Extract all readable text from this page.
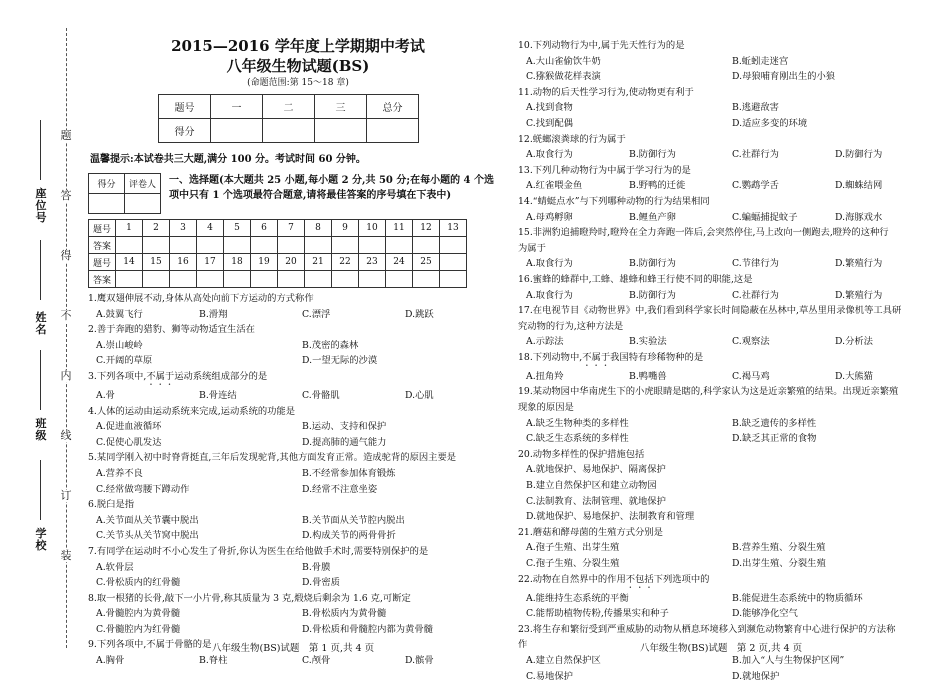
题
答
得
不
内
线
订
装
座位号
姓名
班级
学校
2015—2016 学年度上学期期中考试
八年级生物试题(BS)
(命题范围:第 15～18 章)
题号	一	二	三	总分
得分				
温馨提示:本试卷共三大题,满分 100 分。考试时间 60 分钟。
得分	评卷人
	一、选择题(本大题共 25 小题,每小题 2 分,共 50 分;在每小题的 4 个选项中只有 1 个选项最符合题意,请将最佳答案的序号填在下表中)
题号	1	2	3	4	5	6	7	8	9	10	11	12	13
答案													
题号	14	15	16	17	18	19	20	21	22	23	24	25	
答案													
1.鹰双翅伸展不动,身体从高处向前下方运动的方式称作
A.鼓翼飞行	B.滑翔	C.漂浮	D.跳跃
2.善于奔跑的猎豹、狮等动物适宜生活在
A.崇山峻岭	B.茂密的森林
C.开阔的草原	D.一望无际的沙漠
3.下列各项中,不属于运动系统组成部分的是
A.骨	B.骨连结	C.骨骼肌	D.心肌
4.人体的运动由运动系统来完成,运动系统的功能是
A.促进血液循环	B.运动、支持和保护
C.促使心肌发达	D.提高肺的通气能力
5.某同学刚入初中时脊背挺直,三年后发现驼背,其他方面发育正常。造成驼背的原因主要是
A.营养不良	B.不经常参加体育锻炼
C.经常做弯腰下蹲动作	D.经常不注意坐姿
6.脱臼是指
A.关节面从关节囊中脱出	B.关节面从关节腔内脱出
C.关节头从关节窝中脱出	D.构成关节的两骨骨折
7.有同学在运动时不小心发生了骨折,你认为医生在给他做手术时,需要特别保护的是
A.软骨层	B.骨膜
C.骨松质内的红骨髓	D.骨密质
8.取一根猪的长骨,敲下一小片骨,称其质量为 3 克,煅烧后剩余为 1.6 克,可断定
A.骨髓腔内为黄骨髓	B.骨松质内为黄骨髓
C.骨髓腔内为红骨髓	D.骨松质和骨髓腔内都为黄骨髓
9.下列各项中,不属于骨骼的是
A.胸骨	B.脊柱	C.颅骨	D.髌骨
10.下列动物行为中,属于先天性行为的是
A.大山雀偷饮牛奶	B.蚯蚓走迷宫
C.猕猴做花样表演	D.母狼哺育刚出生的小狼
11.动物的后天性学习行为,使动物更有利于
A.找到食物	B.逃避敌害
C.找到配偶	D.适应多变的环境
12.蜣螂滚粪球的行为属于
A.取食行为	B.防御行为	C.社群行为	D.防御行为
13.下列几种动物行为中属于学习行为的是
A.红雀喂金鱼	B.野鸭的迁徙	C.鹦鹉学舌	D.蜘蛛结网
14.“蜻蜓点水”与下列哪种动物的行为结果相同
A.母鸡孵卵	B.鲤鱼产卵	C.蝙蝠捕捉蚊子	D.海豚戏水
15.非洲豹追捕瞪羚时,瞪羚在全力奔跑一阵后,会突然停住,马上改向一侧跑去,瞪羚的这种行
为属于
A.取食行为	B.防御行为	C.节律行为	D.繁殖行为
16.蜜蜂的蜂群中,工蜂、雄蜂和蜂王行使不同的职能,这是
A.取食行为	B.防御行为	C.社群行为	D.繁殖行为
17.在电视节目《动物世界》中,我们看到科学家长时间隐蔽在丛林中,草丛里用录像机等工具研
究动物的行为,这种方法是
A.示踪法	B.实验法	C.观察法	D.分析法
18.下列动物中,不属于我国特有珍稀物种的是
A.扭角羚	B.鸭嘴兽	C.褐马鸡	D.大熊猫
19.某动物园中华南虎生下的小虎眼睛是瞎的,科学家认为这是近亲繁殖的结果。出现近亲繁殖
现象的原因是
A.缺乏生物种类的多样性	B.缺乏遗传的多样性
C.缺乏生态系统的多样性	D.缺乏其正常的食物
20.动物多样性的保护措施包括
A.就地保护、易地保护、隔离保护
B.建立自然保护区和建立动物园
C.法制教育、法制管理、就地保护
D.就地保护、易地保护、法制教育和管理
21.蘑菇和酵母菌的生殖方式分别是
A.孢子生殖、出芽生殖	B.营养生殖、分裂生殖
C.孢子生殖、分裂生殖	D.出芽生殖、分裂生殖
22.动物在自然界中的作用不包括下列选项中的
A.能维持生态系统的平衡	B.能促进生态系统中的物质循环
C.能帮助植物传粉,传播果实和种子	D.能够净化空气
23.将生存和繁衍受到严重威胁的动物从栖息环境移入到濒危动物繁育中心进行保护的方法称
作
A.建立自然保护区	B.加入“人与生物保护区网”
C.易地保护	D.就地保护
八年级生物(BS)试题　第 1 页,共 4 页	八年级生物(BS)试题　第 2 页,共 4 页
